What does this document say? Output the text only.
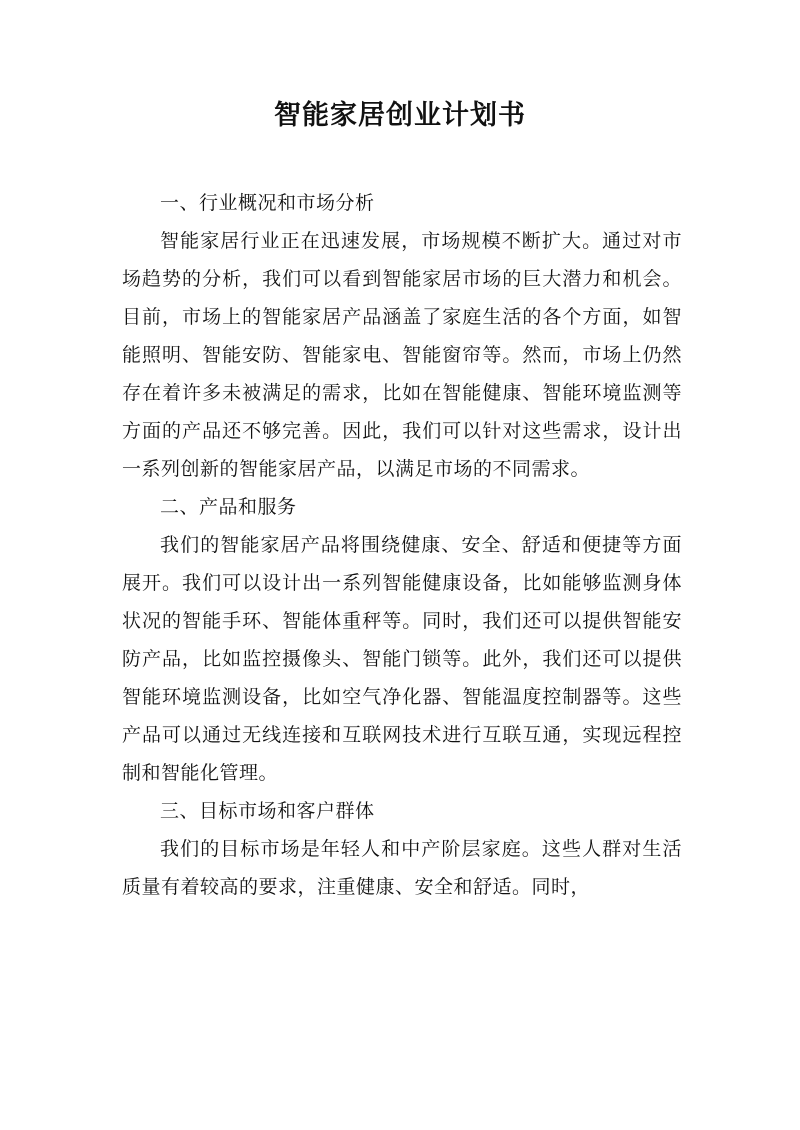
智能家居创业计划书

一、行业概况和市场分析

智能家居行业正在迅速发展，市场规模不断扩大。通过对市场趋势的分析，我们可以看到智能家居市场的巨大潜力和机会。目前，市场上的智能家居产品涵盖了家庭生活的各个方面，如智能照明、智能安防、智能家电、智能窗帘等。然而，市场上仍然存在着许多未被满足的需求，比如在智能健康、智能环境监测等方面的产品还不够完善。因此，我们可以针对这些需求，设计出一系列创新的智能家居产品，以满足市场的不同需求。

二、产品和服务

我们的智能家居产品将围绕健康、安全、舒适和便捷等方面展开。我们可以设计出一系列智能健康设备，比如能够监测身体状况的智能手环、智能体重秤等。同时，我们还可以提供智能安防产品，比如监控摄像头、智能门锁等。此外，我们还可以提供智能环境监测设备，比如空气净化器、智能温度控制器等。这些产品可以通过无线连接和互联网技术进行互联互通，实现远程控制和智能化管理。

三、目标市场和客户群体

我们的目标市场是年轻人和中产阶层家庭。这些人群对生活质量有着较高的要求，注重健康、安全和舒适。同时，
